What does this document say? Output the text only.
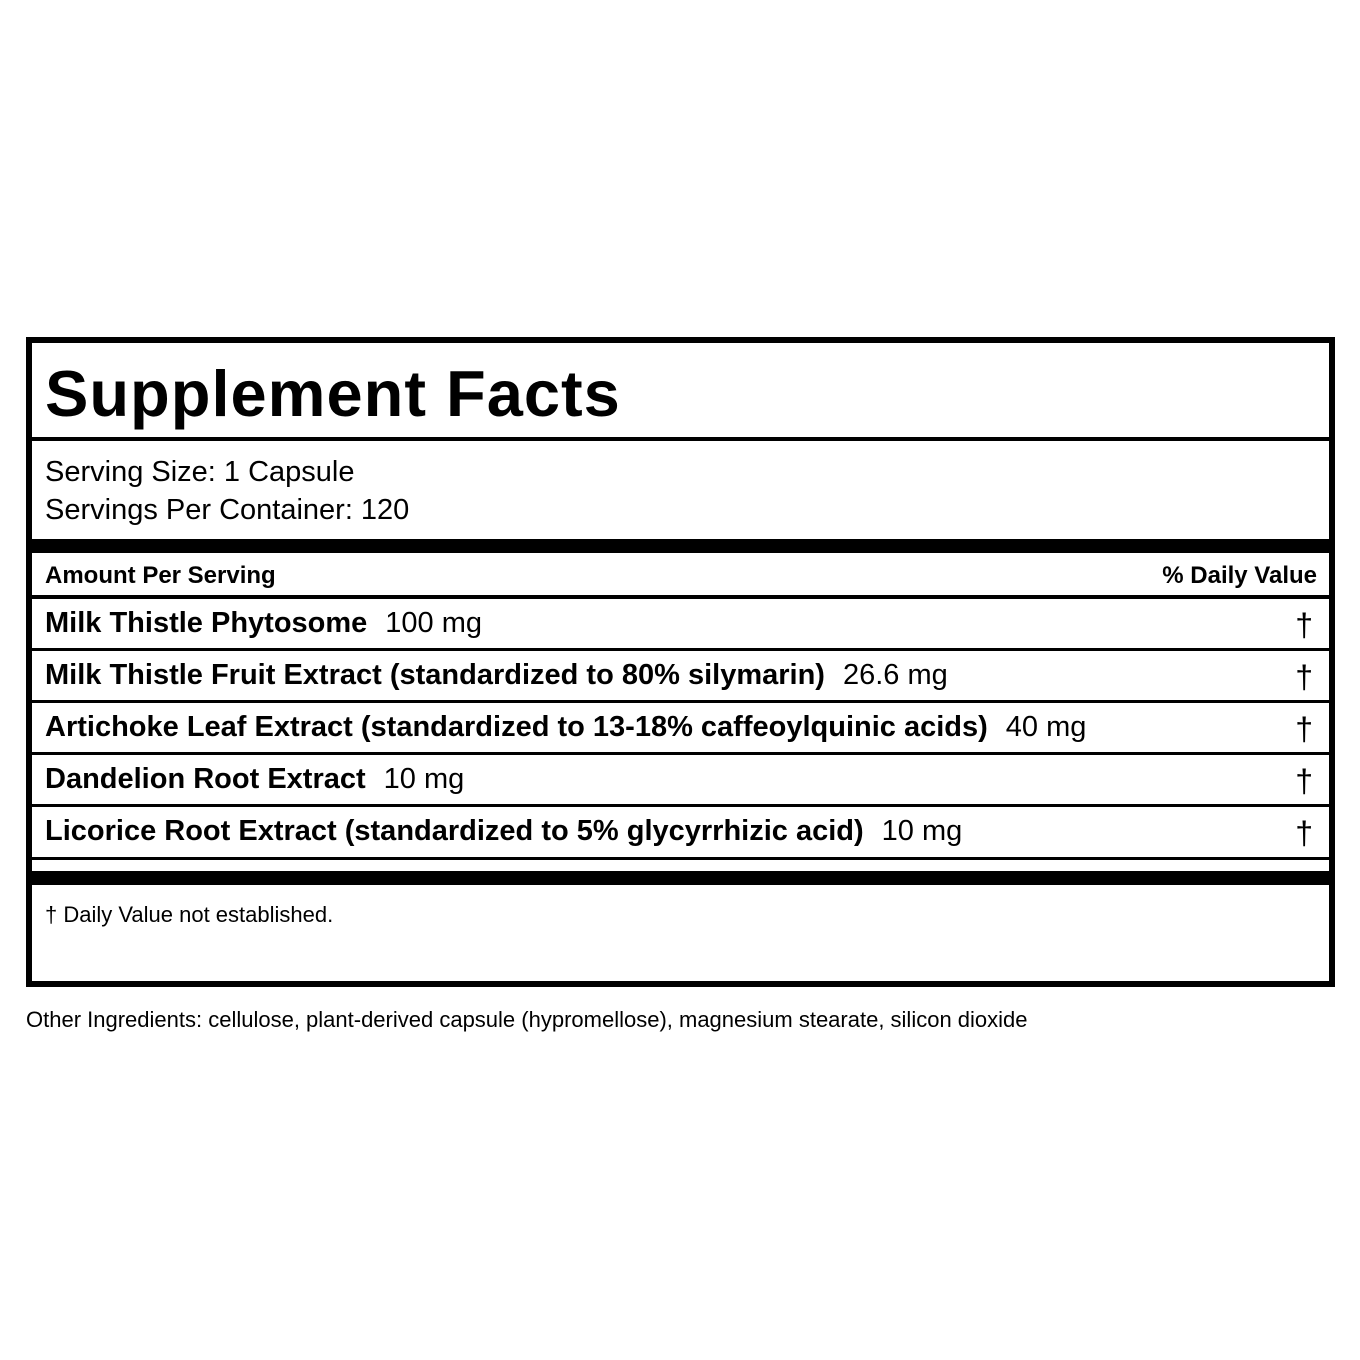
Supplement Facts
Serving Size: 1 Capsule
Servings Per Container: 120
Amount Per Serving	% Daily Value
Milk Thistle Phytosome 100 mg	†
Milk Thistle Fruit Extract (standardized to 80% silymarin) 26.6 mg	†
Artichoke Leaf Extract (standardized to 13-18% caffeoylquinic acids) 40 mg	†
Dandelion Root Extract 10 mg	†
Licorice Root Extract (standardized to 5% glycyrrhizic acid) 10 mg	†
† Daily Value not established.
Other Ingredients: cellulose, plant-derived capsule (hypromellose), magnesium stearate, silicon dioxide
